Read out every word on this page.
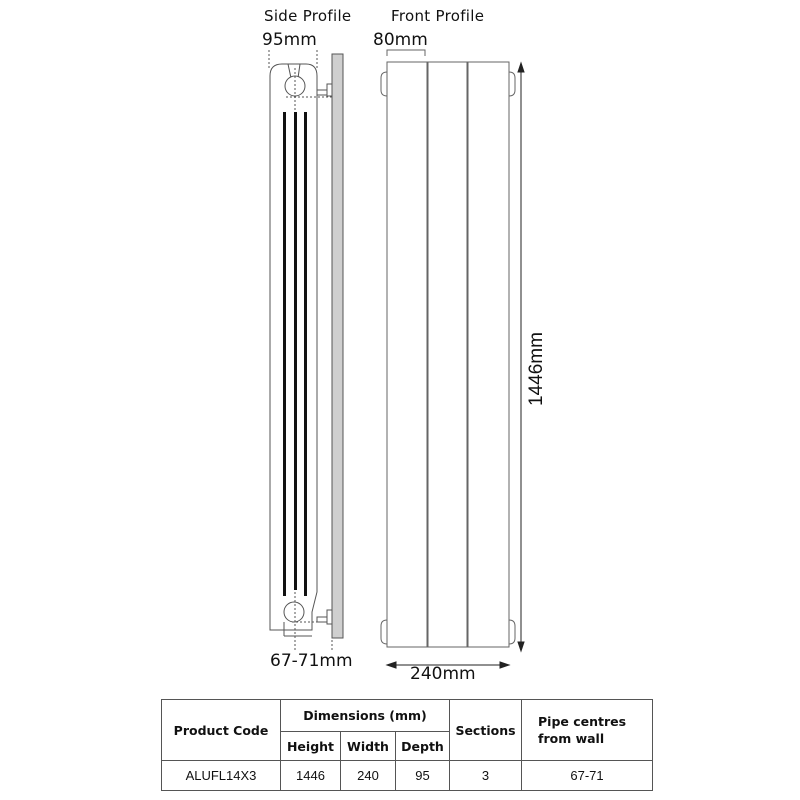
Side Profile	Front Profile
95mm	80mm
67-71mm
240mm
1446mm
Product Code	Dimensions (mm)			Sections	Pipe centres from wall
	Height	Width	Depth		
ALUFL14X3	1446	240	95	3	67-71
